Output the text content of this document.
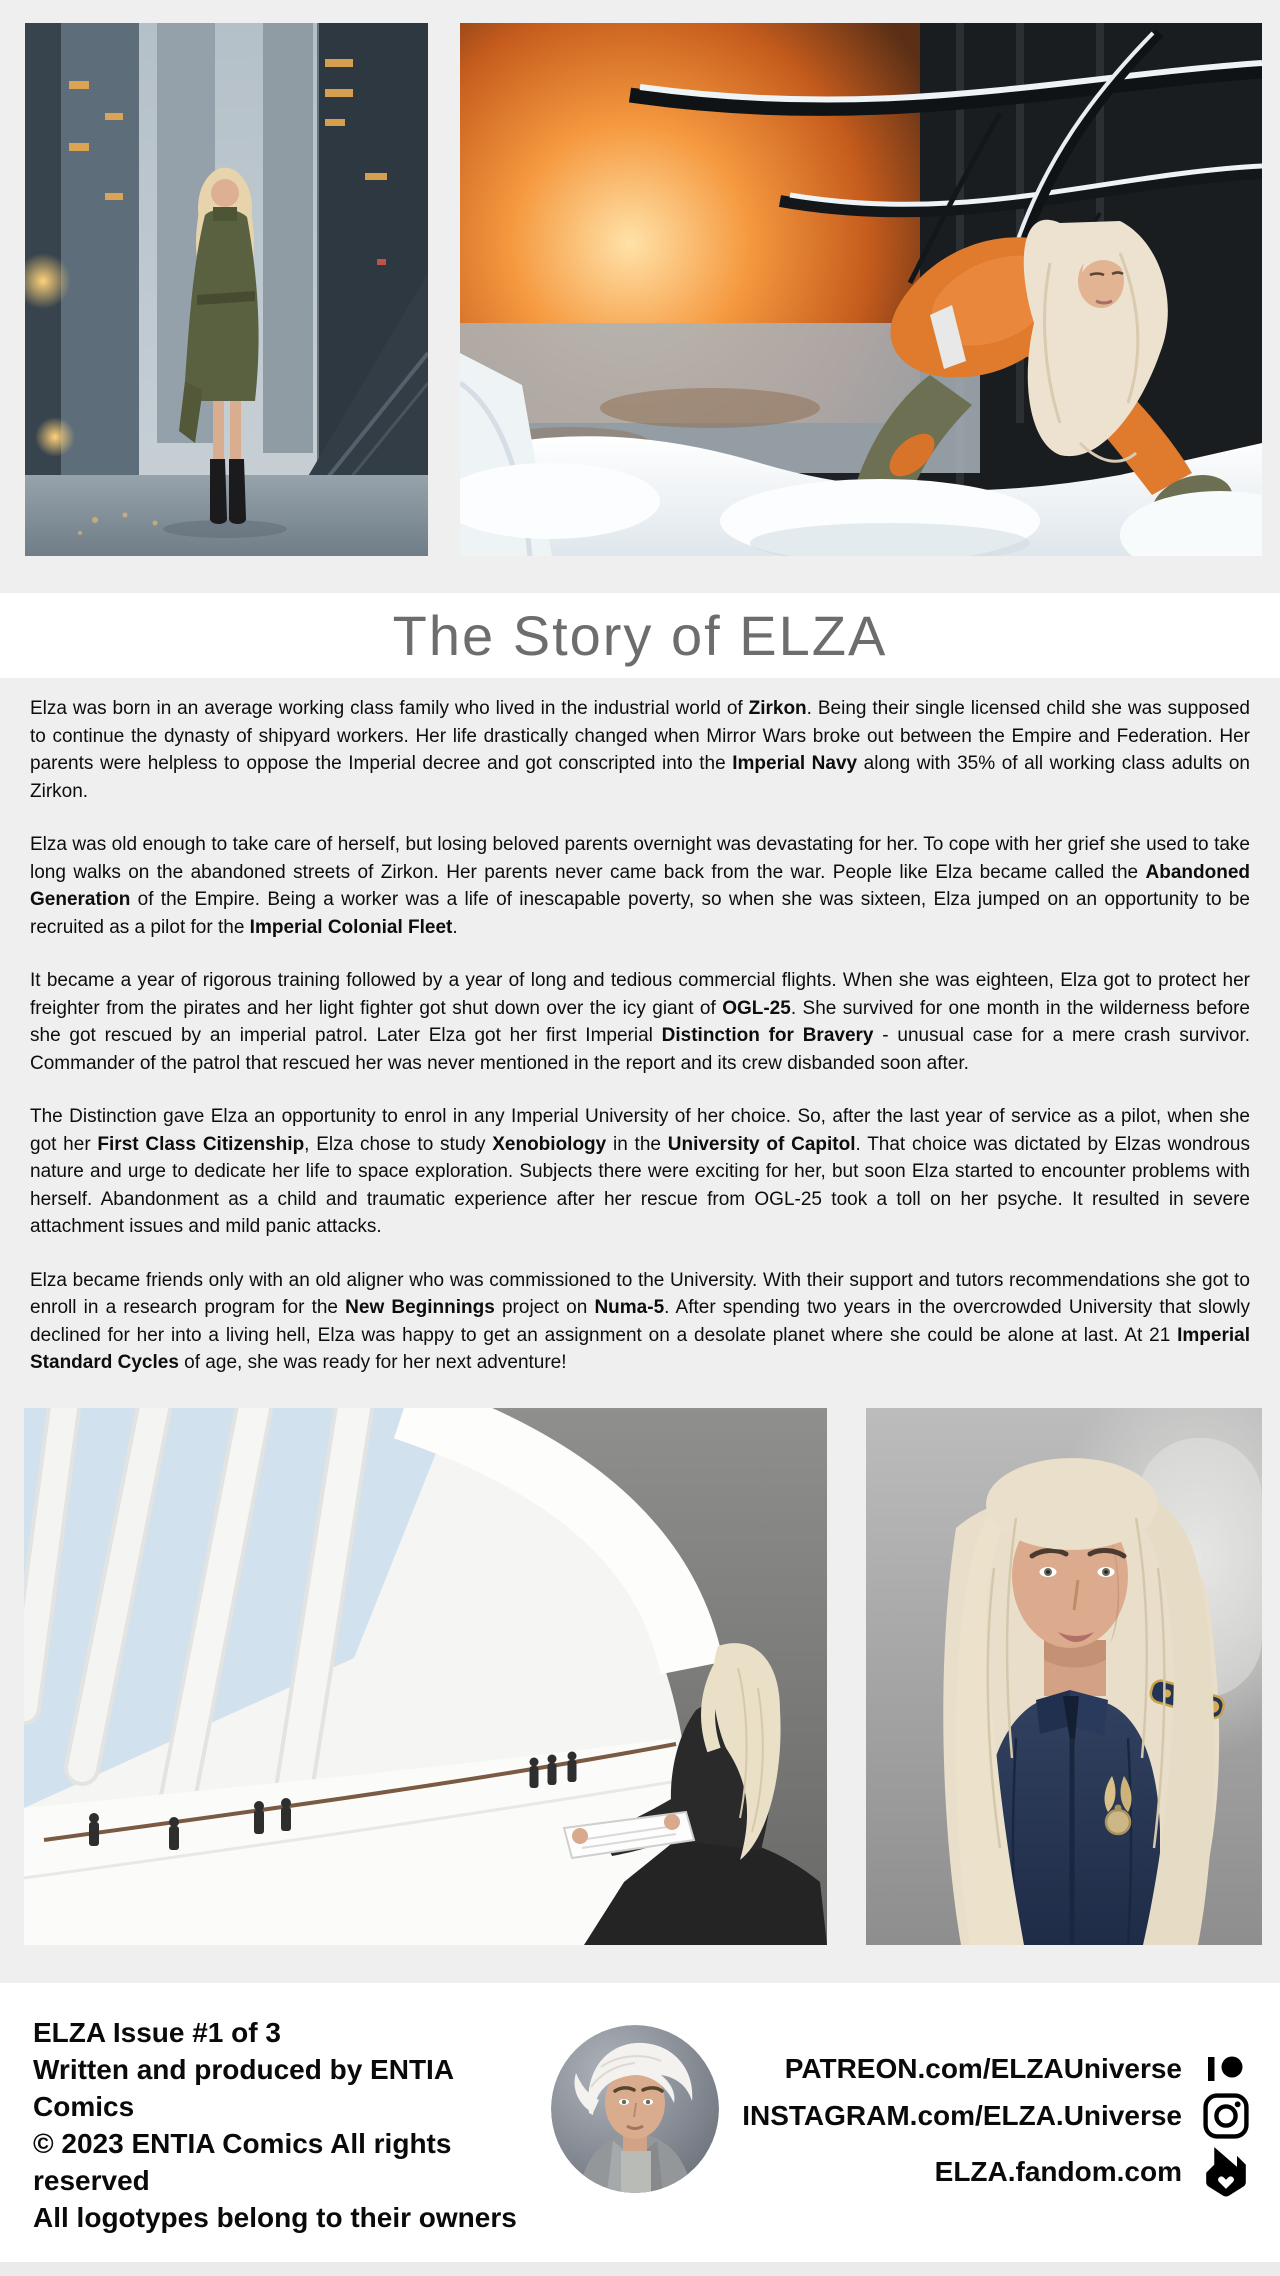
The Story of ELZA

Elza was born in an average working class family who lived in the industrial world of Zirkon. Being their single licensed child she was supposed to continue the dynasty of shipyard workers. Her life drastically changed when Mirror Wars broke out between the Empire and Federation. Her parents were helpless to oppose the Imperial decree and got conscripted into the Imperial Navy along with 35% of all working class adults on Zirkon.

Elza was old enough to take care of herself, but losing beloved parents overnight was devastating for her. To cope with her grief she used to take long walks on the abandoned streets of Zirkon. Her parents never came back from the war. People like Elza became called the Abandoned Generation of the Empire. Being a worker was a life of inescapable poverty, so when she was sixteen, Elza jumped on an opportunity to be recruited as a pilot for the Imperial Colonial Fleet.

It became a year of rigorous training followed by a year of long and tedious commercial flights. When she was eighteen, Elza got to protect her freighter from the pirates and her light fighter got shut down over the icy giant of OGL-25. She survived for one month in the wilderness before she got rescued by an imperial patrol. Later Elza got her first Imperial Distinction for Bravery - unusual case for a mere crash survivor. Commander of the patrol that rescued her was never mentioned in the report and its crew disbanded soon after.

The Distinction gave Elza an opportunity to enrol in any Imperial University of her choice. So, after the last year of service as a pilot, when she got her First Class Citizenship, Elza chose to study Xenobiology in the University of Capitol. That choice was dictated by Elzas wondrous nature and urge to dedicate her life to space exploration. Subjects there were exciting for her, but soon Elza started to encounter problems with herself. Abandonment as a child and traumatic experience after her rescue from OGL-25 took a toll on her psyche. It resulted in severe attachment issues and mild panic attacks.

Elza became friends only with an old aligner who was commissioned to the University. With their support and tutors recommendations she got to enroll in a research program for the New Beginnings project on Numa-5. After spending two years in the overcrowded University that slowly declined for her into a living hell, Elza was happy to get an assignment on a desolate planet where she could be alone at last. At 21 Imperial Standard Cycles of age, she was ready for her next adventure!

ELZA Issue #1 of 3
Written and produced by ENTIA Comics
© 2023 ENTIA Comics All rights reserved
All logotypes belong to their owners
PATREON.com/ELZAUniverse
INSTAGRAM.com/ELZA.Universe
ELZA.fandom.com
